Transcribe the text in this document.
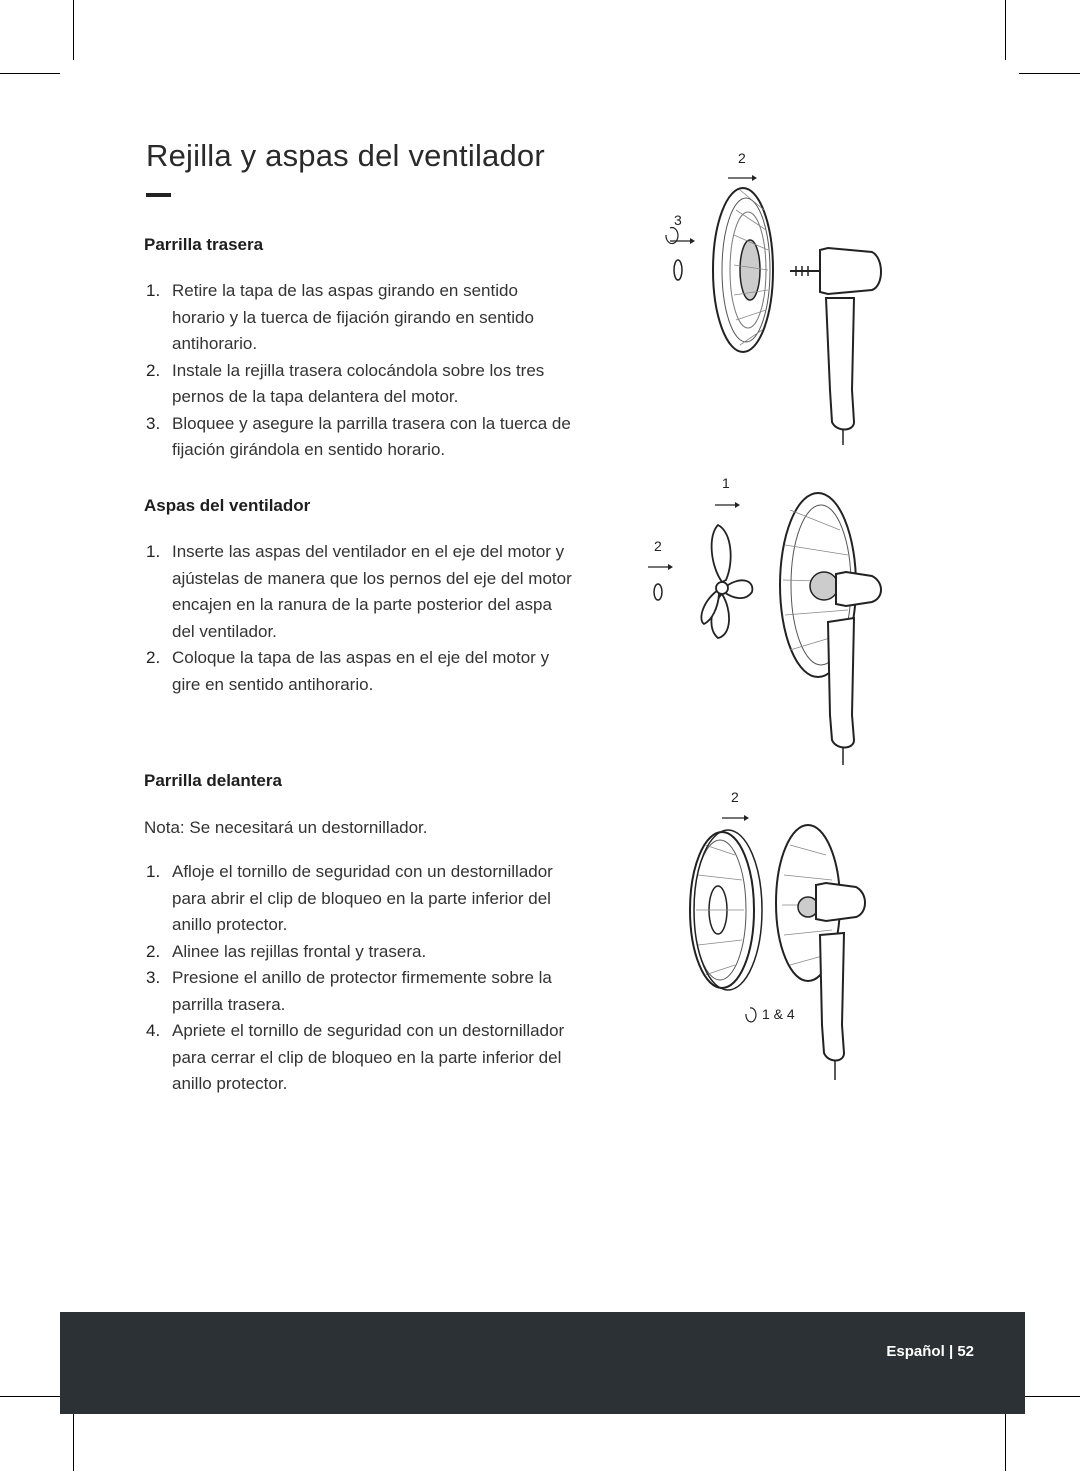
Rejilla y aspas del ventilador
Parrilla trasera
1. Retire la tapa de las aspas girando en sentido horario y la tuerca de fijación girando en sentido antihorario.
2. Instale la rejilla trasera colocándola sobre los tres pernos de la tapa delantera del motor.
3. Bloquee y asegure la parrilla trasera con la tuerca de fijación girándola en sentido horario.
Aspas del ventilador
1. Inserte las aspas del ventilador en el eje del motor y ajústelas de manera que los pernos del eje del motor encajen en la ranura de la parte posterior del aspa del ventilador.
2. Coloque la tapa de las aspas en el eje del motor y gire en sentido antihorario.
Parrilla delantera

Nota: Se necesitará un destornillador.

1. Afloje el tornillo de seguridad con un destornillador para abrir el clip de bloqueo en la parte inferior del anillo protector.
2. Alinee las rejillas frontal y trasera.
3. Presione el anillo de protector firmemente sobre la parrilla trasera.
4. Apriete el tornillo de seguridad con un destornillador para cerrar el clip de bloqueo en la parte inferior del anillo protector.
2
3
1
2
2
1 & 4
Español | 52
